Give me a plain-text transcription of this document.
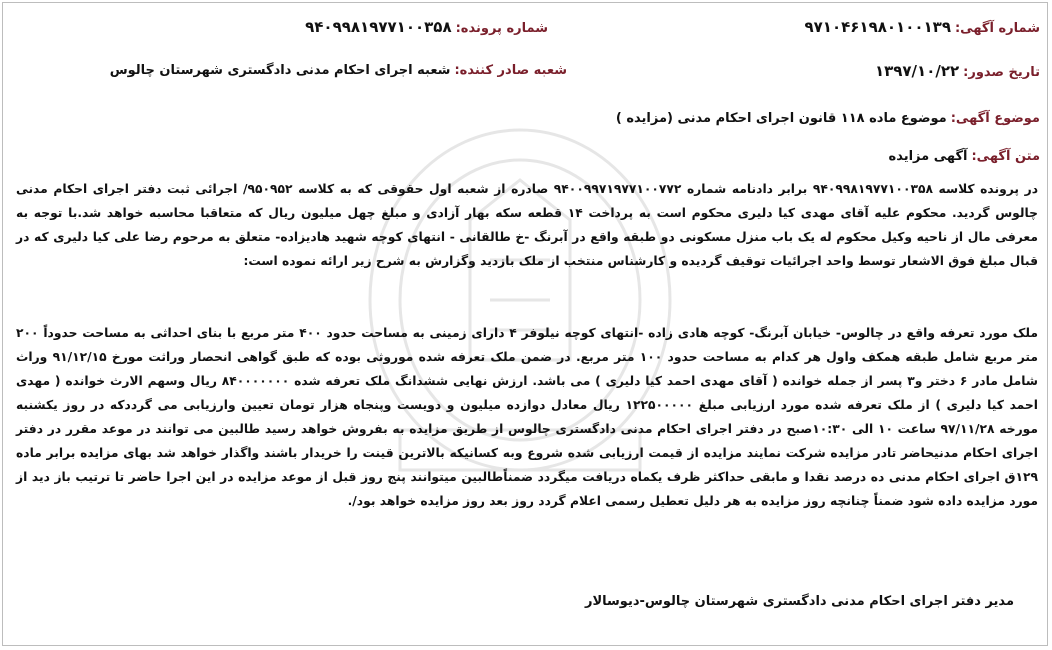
شماره آگهی:۹۷۱۰۴۶۱۹۸۰۱۰۰۱۳۹
شماره پرونده:۹۴۰۹۹۸۱۹۷۷۱۰۰۳۵۸
تاریخ صدور:۱۳۹۷/۱۰/۲۲
شعبه صادر کننده:شعبه اجرای احکام مدنی دادگستری شهرستان چالوس
موضوع آگهی:موضوع ماده ۱۱۸ قانون اجرای احکام مدنی (مزایده )
متن آگهی:آگهی مزایده

در پرونده کلاسه ۹۴۰۹۹۸۱۹۷۷۱۰۰۳۵۸ برابر دادنامه شماره ۹۴۰۰۹۹۷۱۹۷۷۱۰۰۷۷۲ صادره از شعبه اول حقوقی که به کلاسه ۹۵۰۹۵۲/ اجرائی ثبت دفتر اجرای احکام مدنی چالوس گردید. محکوم علیه آقای مهدی کیا دلیری محکوم است به پرداخت ۱۴ قطعه سکه بهار آزادی و مبلغ چهل میلیون ریال که متعاقبا محاسبه خواهد شد.با توجه به معرفی مال از ناحیه وکیل محکوم له یک باب منزل مسکونی دو طبقه واقع در آبرنگ -خ طالقانی - انتهای کوچه شهید هادیزاده- متعلق به مرحوم رضا علی کیا دلیری که در قبال مبلغ فوق الاشعار توسط واحد اجرائیات توقیف گردیده و کارشناس منتخب از ملک بازدید وگزارش به شرح زیر ارائه نموده است:

ملک مورد تعرفه واقع در چالوس- خیابان آبرنگ- کوچه هادی زاده -انتهای کوچه نیلوفر ۴ دارای زمینی به مساحت حدود ۴۰۰ متر مربع با بنای احداثی به مساحت حدوداً ۲۰۰ متر مربع شامل طبقه همکف واول هر کدام به مساحت حدود ۱۰۰ متر مربع. در ضمن ملک تعرفه شده موروثی بوده که طبق گواهی انحصار وراثت مورخ ۹۱/۱۲/۱۵ وراث شامل مادر ۶ دختر و۳ پسر از جمله خوانده ( آقای مهدی احمد کیا دلیری ) می باشد. ارزش نهایی ششدانگ ملک تعرفه شده ۸۴۰۰۰۰۰۰۰ ریال وسهم الارث خوانده ( مهدی احمد کیا دلیری ) از ملک تعرفه شده مورد ارزیابی مبلغ ۱۲۲۵۰۰۰۰۰ ریال معادل دوازده میلیون و دویست وپنجاه هزار تومان تعیین وارزیابی می گرددکه در روز یکشنبه مورخه ۹۷/۱۱/۲۸ ساعت ۱۰ الی ۱۰:۳۰صبح در دفتر اجرای احکام مدنی دادگستری چالوس از طریق مزایده به بفروش خواهد رسید طالبین می توانند در موعد مقرر در دفتر اجرای احکام مدنیحاضر تادر مزایده شرکت نمایند مزایده از قیمت ارزیابی شده شروع وبه کسانیکه بالاترین قینت را خریدار باشند واگذار خواهد شد بهای مزایده برابر ماده ۱۲۹ق اجرای احکام مدنی ده درصد نقدا و مابقی حداکثر ظرف یکماه دریافت میگردد ضمناًطالبین میتوانند پنج روز قبل از موعد مزایده در این اجرا حاضر تا ترتیب باز دید از مورد مزایده داده شود ضمناً چنانچه روز مزایده به هر دلیل تعطیل رسمی اعلام گردد روز بعد روز مزایده خواهد بود/.

مدیر دفتر اجرای احکام مدنی دادگستری شهرستان چالوس-دیوسالار
